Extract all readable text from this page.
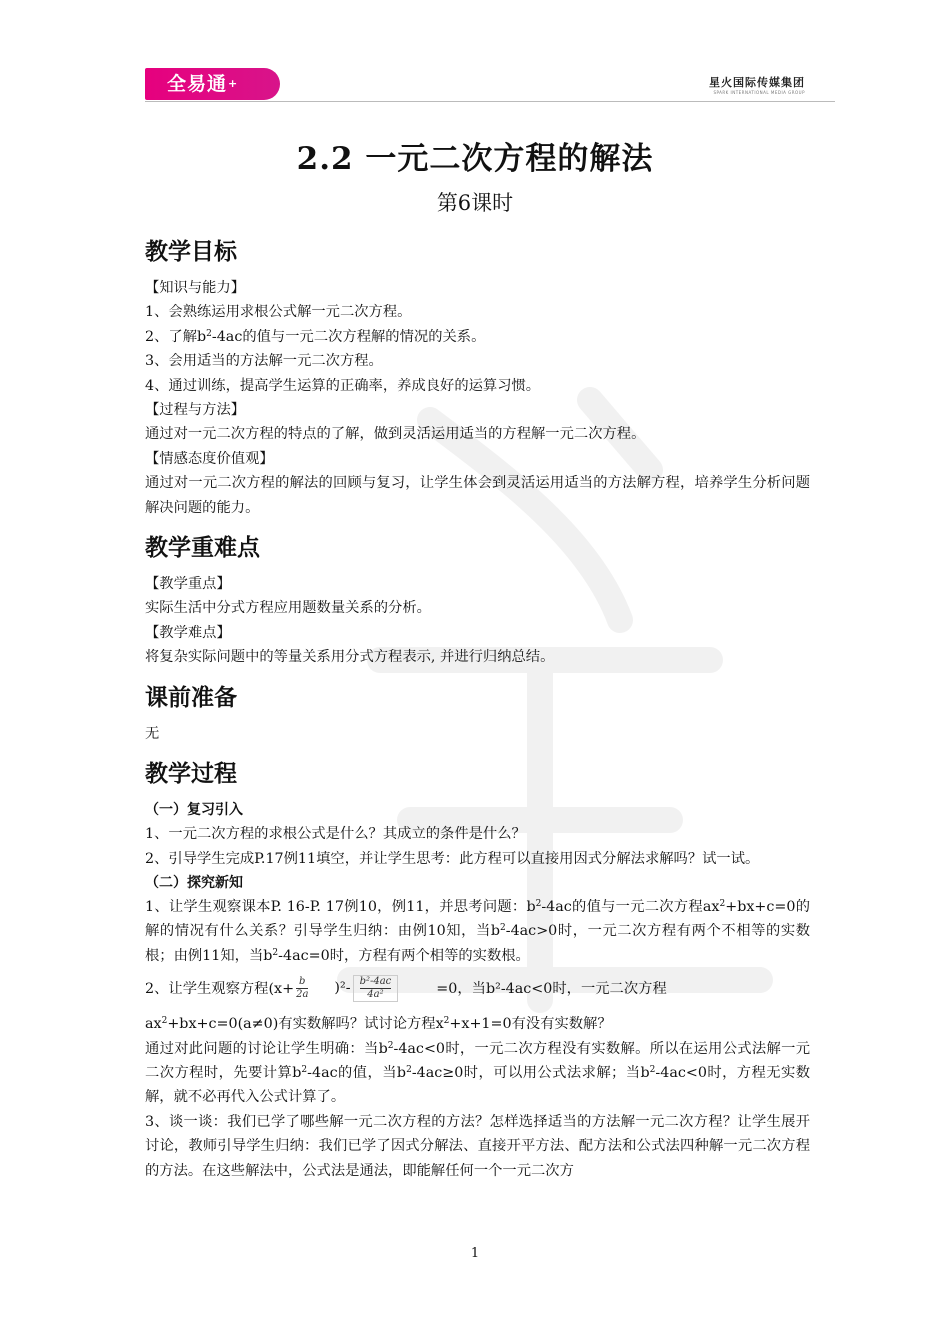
全易通+	星火国际传媒集团
SPARK INTERNATIONAL MEDIA GROUP
2.2 一元二次方程的解法
第6课时
教学目标

【知识与能力】

1、会熟练运用求根公式解一元二次方程。

2、了解$b^2-4ac$的值与一元二次方程解的情况的关系。

3、会用适当的方法解一元二次方程。

4、通过训练，提高学生运算的正确率，养成良好的运算习惯。

【过程与方法】

通过对一元二次方程的特点的了解，做到灵活运用适当的方程解一元二次方程。

【情感态度价值观】

通过对一元二次方程的解法的回顾与复习，让学生体会到灵活运用适当的方法解方程，培养学生分析问题解决问题的能力。

教学重难点

【教学重点】

实际生活中分式方程应用题数量关系的分析。

【教学难点】

将复杂实际问题中的等量关系用分式方程表示, 并进行归纳总结。

课前准备

无

教学过程
（一）复习引入

1、一元二次方程的求根公式是什么？其成立的条件是什么？

2、引导学生完成P.17例11填空，并让学生思考：此方程可以直接用因式分解法求解吗？试一试。

（二）探究新知

1、让学生观察课本P. 16-P. 17例10，例11，并思考问题：$b^2-4ac$的值与一元二次方程$ax^2+bx+c=0$的解的情况有什么关系？引导学生归纳：由例10知，当$b^2-4ac>0$时，一元二次方程有两个不相等的实数根；由例11知，当$b^2-4ac=0$时，方程有两个相等的实数根。

2、让学生观察方程$(x+ \frac{b}{2a} )^2- \frac{\text{b²-4ac}}{\text{4a²}}$	=0，当b²-4ac<0时，一元二次方程

$ax^2+bx+c=0(a\ne 0)$有实数解吗？试讨论方程$x^2+x+1=0$有没有实数解？

通过对此问题的讨论让学生明确：当$b^2-4ac<0$时，一元二次方程没有实数解。所以在运用公式法解一元二次方程时，先要计算$b^2-4ac$的值，当$b^2-4ac\ge 0$时，可以用公式法求解；当$b^2-4ac<0$时，方程无实数解，就不必再代入公式计算了。

3、谈一谈：我们已学了哪些解一元二次方程的方法？怎样选择适当的方法解一元二次方程？让学生展开讨论，教师引导学生归纳：我们已学了因式分解法、直接开平方法、配方法和公式法四种解一元二次方程的方法。在这些解法中，公式法是通法，即能解任何一个一元二次方

1
